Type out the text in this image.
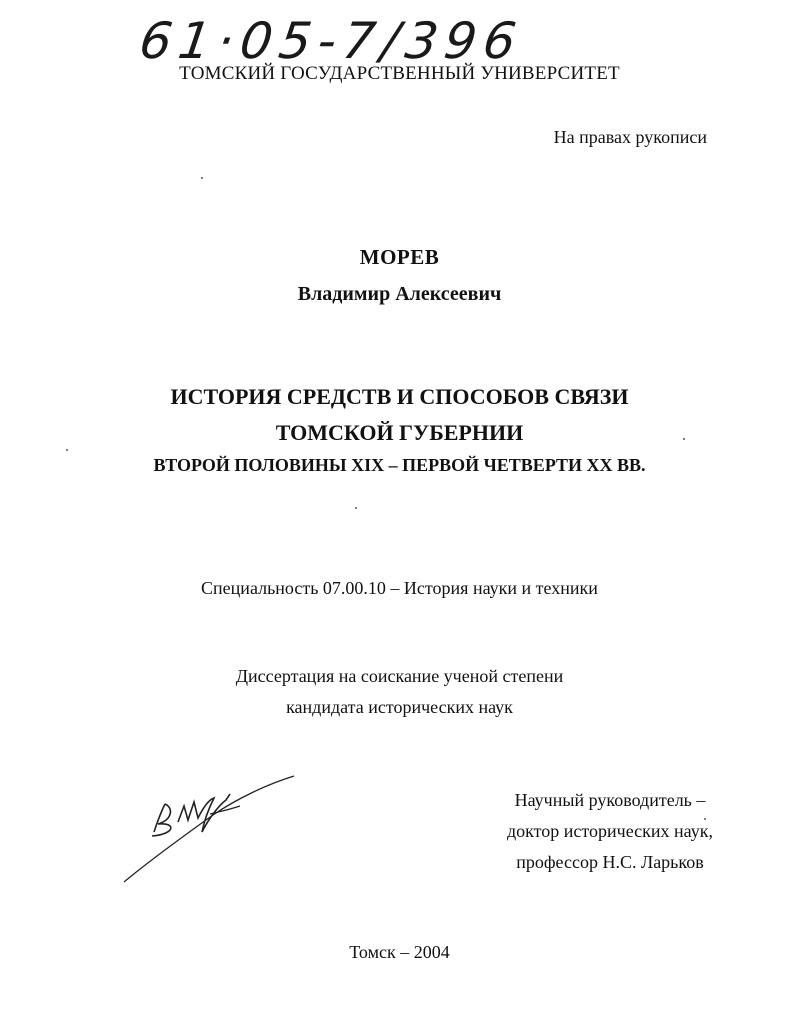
61·05-7/396
ТОМСКИЙ ГОСУДАРСТВЕННЫЙ УНИВЕРСИТЕТ
На правах рукописи
МОРЕВ
Владимир Алексеевич
ИСТОРИЯ СРЕДСТВ И СПОСОБОВ СВЯЗИ
ТОМСКОЙ ГУБЕРНИИ
ВТОРОЙ ПОЛОВИНЫ XIX – ПЕРВОЙ ЧЕТВЕРТИ XX ВВ.
Специальность 07.00.10 – История науки и техники
Диссертация на соискание ученой степени
кандидата исторических наук
Научный руководитель –
доктор исторических наук,
профессор Н.С. Ларьков
Томск – 2004
